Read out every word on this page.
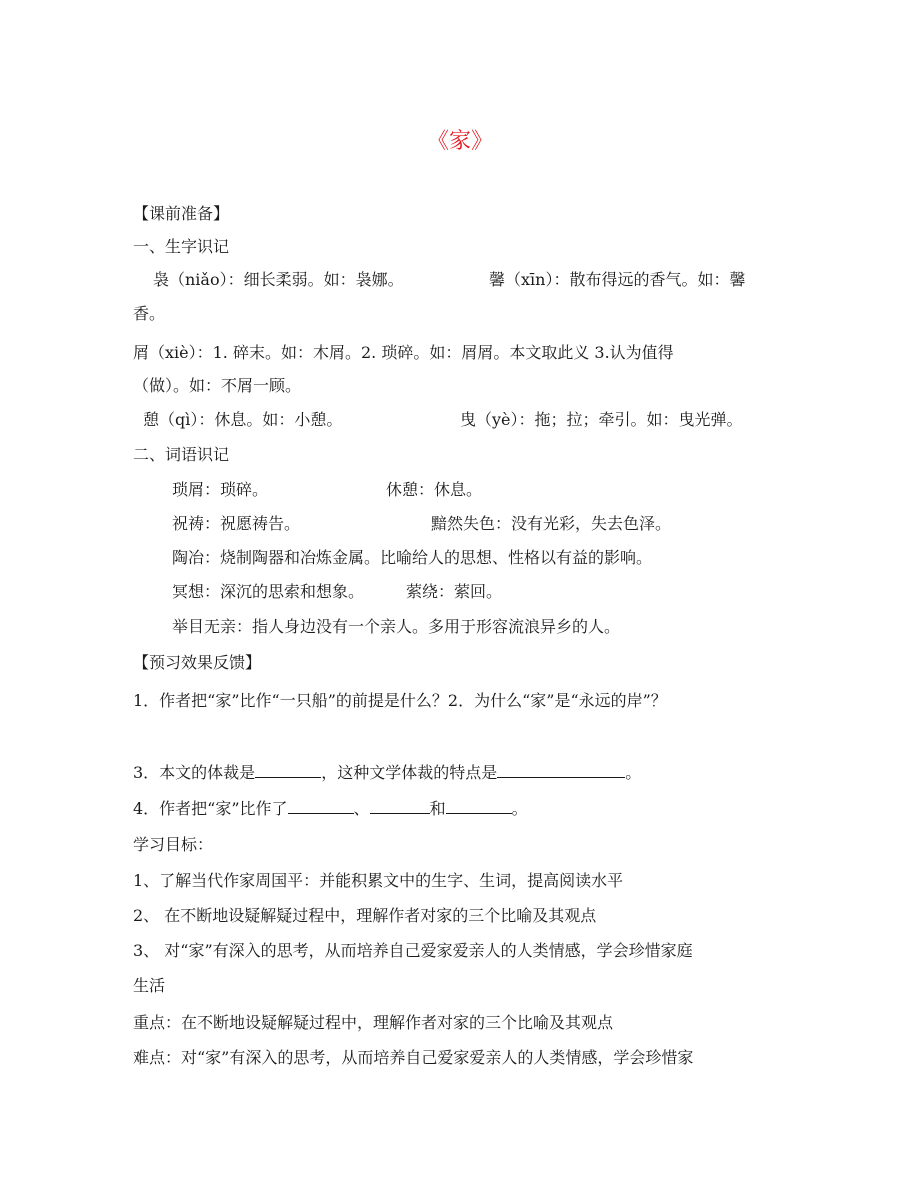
《家》
【课前准备】
一、生字识记
袅（niǎo）：细长柔弱。如：袅娜。	馨（xīn）：散布得远的香气。如：馨
香。
屑（xiè）：1. 碎末。如：木屑。2. 琐碎。如：屑屑。本文取此义 3.认为值得
（做）。如：不屑一顾。
憩（qì）：休息。如：小憩。	曳（yè）：拖；拉；牵引。如：曳光弹。
二、词语识记
琐屑：琐碎。	休憩：休息。
祝祷：祝愿祷告。	黯然失色：没有光彩，失去色泽。
陶冶：烧制陶器和冶炼金属。比喻给人的思想、性格以有益的影响。
冥想：深沉的思索和想象。	萦绕：萦回。
举目无亲：指人身边没有一个亲人。多用于形容流浪异乡的人。
【预习效果反馈】
1．作者把“家”比作“一只船”的前提是什么？2．为什么“家”是“永远的岸”？
3．本文的体裁是	，这种文学体裁的特点是	。
4．作者把“家”比作了	、	和	。
学习目标：
1、了解当代作家周国平：并能积累文中的生字、生词，提高阅读水平
2、 在不断地设疑解疑过程中，理解作者对家的三个比喻及其观点
3、 对“家”有深入的思考，从而培养自己爱家爱亲人的人类情感，学会珍惜家庭
生活
重点：在不断地设疑解疑过程中，理解作者对家的三个比喻及其观点
难点：对“家”有深入的思考，从而培养自己爱家爱亲人的人类情感，学会珍惜家
